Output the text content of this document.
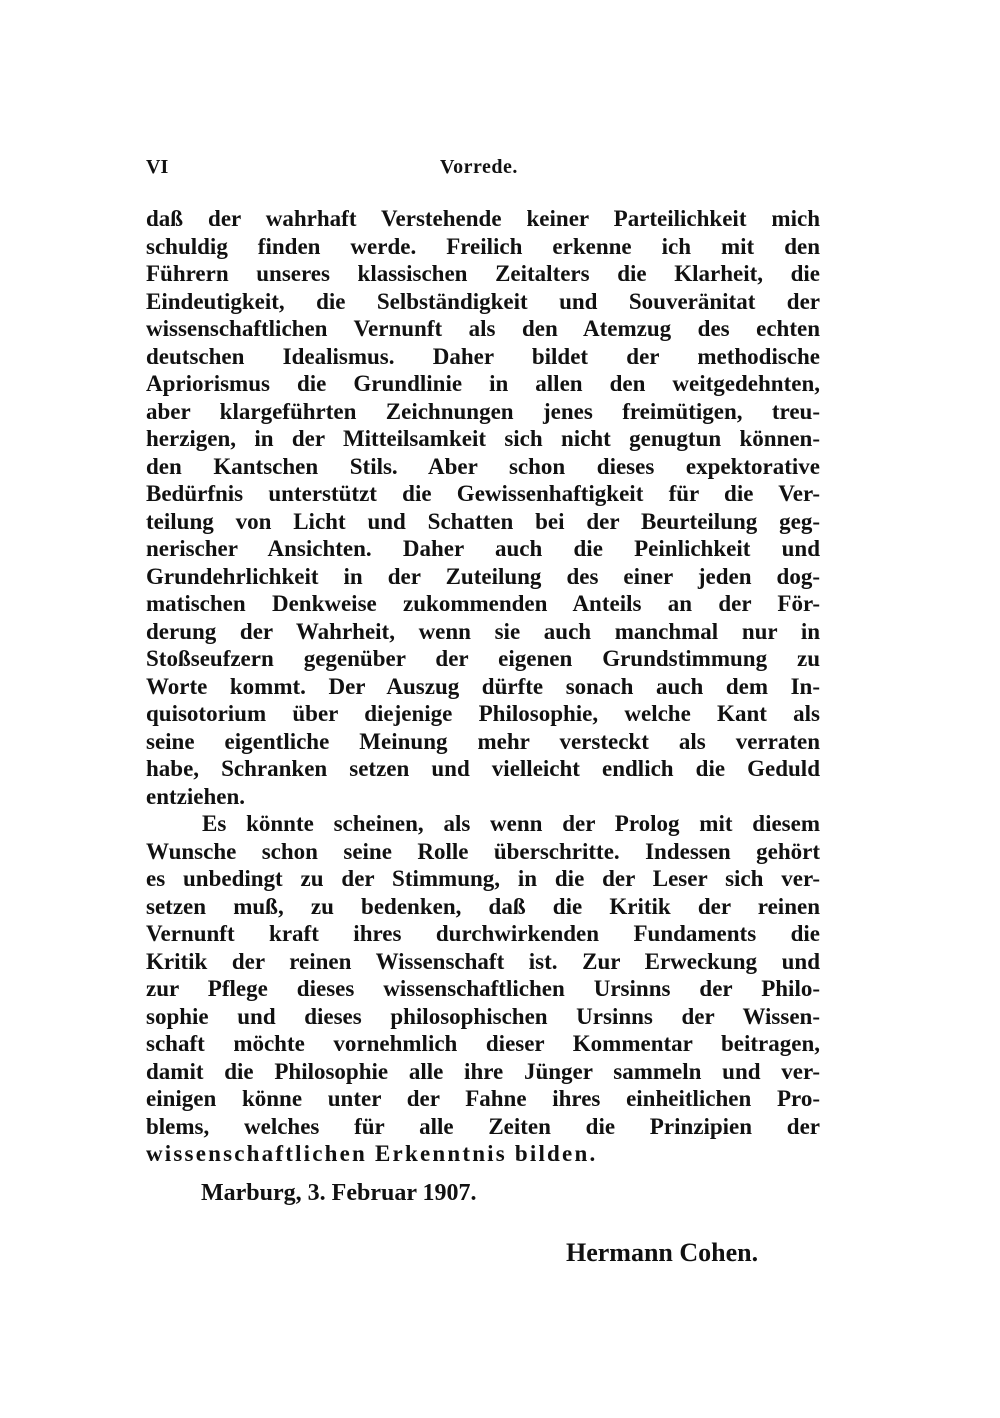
VI	Vorrede.
daß der wahrhaft Verstehende keiner Parteilichkeit mich
schuldig finden werde. Freilich erkenne ich mit den
Führern unseres klassischen Zeitalters die Klarheit, die
Eindeutigkeit, die Selbständigkeit und Souveränitat der
wissenschaftlichen Vernunft als den Atemzug des echten
deutschen Idealismus. Daher bildet der methodische
Apriorismus die Grundlinie in allen den weitgedehnten,
aber klargeführten Zeichnungen jenes freimütigen, treu-
herzigen, in der Mitteilsamkeit sich nicht genugtun können-
den Kantschen Stils. Aber schon dieses expektorative
Bedürfnis unterstützt die Gewissenhaftigkeit für die Ver-
teilung von Licht und Schatten bei der Beurteilung geg-
nerischer Ansichten. Daher auch die Peinlichkeit und
Grundehrlichkeit in der Zuteilung des einer jeden dog-
matischen Denkweise zukommenden Anteils an der För-
derung der Wahrheit, wenn sie auch manchmal nur in
Stoßseufzern gegenüber der eigenen Grundstimmung zu
Worte kommt. Der Auszug dürfte sonach auch dem In-
quisotorium über diejenige Philosophie, welche Kant als
seine eigentliche Meinung mehr versteckt als verraten
habe, Schranken setzen und vielleicht endlich die Geduld
entziehen.
Es könnte scheinen, als wenn der Prolog mit diesem
Wunsche schon seine Rolle überschritte. Indessen gehört
es unbedingt zu der Stimmung, in die der Leser sich ver-
setzen muß, zu bedenken, daß die Kritik der reinen
Vernunft kraft ihres durchwirkenden Fundaments die
Kritik der reinen Wissenschaft ist. Zur Erweckung und
zur Pflege dieses wissenschaftlichen Ursinns der Philo-
sophie und dieses philosophischen Ursinns der Wissen-
schaft möchte vornehmlich dieser Kommentar beitragen,
damit die Philosophie alle ihre Jünger sammeln und ver-
einigen könne unter der Fahne ihres einheitlichen Pro-
blems, welches für alle Zeiten die Prinzipien der
wissenschaftlichen Erkenntnis bilden.
Marburg, 3. Februar 1907.
Hermann Cohen.
